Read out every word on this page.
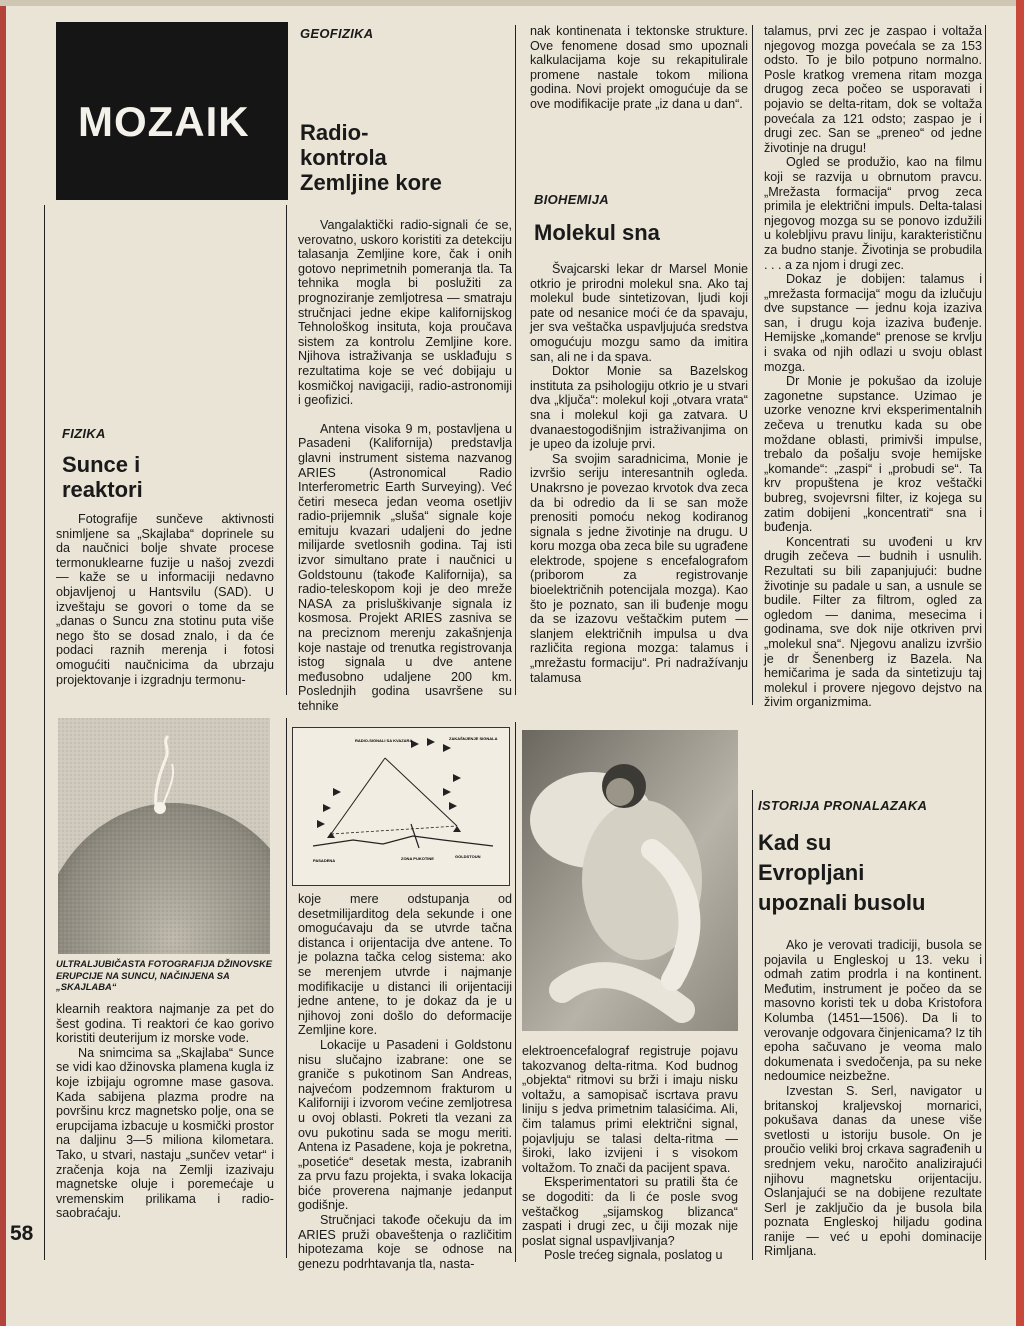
MOZAIK
FIZIKA
Sunce i
reaktori

Fotografije sunčeve aktivnosti snimljene sa „Skajlaba“ doprinele su da naučnici bolje shvate procese termonuklearne fuzije u našoj zvezdi — kaže se u informaciji nedavno objavljenoj u Hantsvilu (SAD). U izveštaju se govori o tome da se „danas o Suncu zna stotinu puta više nego što se dosad znalo, i da će podaci raznih merenja i fotosi omogućiti naučnicima da ubrzaju projektovanje i izgradnju termonu-

ULTRALJUBIČASTA FOTOGRAFIJA DŽINOVSKE ERUPCIJE NA SUNCU, NAČINJENA SA „SKAJLABA“

klearnih reaktora najmanje za pet do šest godina. Ti reaktori će kao gorivo koristiti deuterijum iz morske vode.

Na snimcima sa „Skajlaba“ Sunce se vidi kao džinovska plamena kugla iz koje izbijaju ogromne mase gasova. Kada sabijena plazma prodre na površinu krcz magnetsko polje, ona se erupcijama izbacuje u kosmički prostor na daljinu 3—5 miliona kilometara. Tako, u stvari, nastaju „sunčev vetar“ i zračenja koja na Zemlji izazivaju magnetske oluje i poremećaje u vremenskim prilikama i radio-saobraćaju.

GEOFIZIKA
Radio-
kontrola
Zemljine kore

Vangalaktički radio-signali će se, verovatno, uskoro koristiti za detekciju talasanja Zemljine kore, čak i onih gotovo neprimetnih pomeranja tla. Ta tehnika mogla bi poslužiti za prognoziranje zemljotresa — smatraju stručnjaci jedne ekipe kalifornijskog Tehnološkog insituta, koja proučava sistem za kontrolu Zemljine kore. Njihova istraživanja se usklađuju s rezultatima koje se već dobijaju u kosmičkoj navigaciji, radio-astronomiji i geofizici.

Antena visoka 9 m, postavljena u Pasadeni (Kalifornija) predstavlja glavni instrument sistema nazvanog ARIES (Astronomical Radio Interferometric Earth Surveying). Već četiri meseca jedan veoma osetljiv radio-prijemnik „sluša“ signale koje emituju kvazari udaljeni do jedne milijarde svetlosnih godina. Taj isti izvor simultano prate i naučnici u Goldstounu (takođe Kalifornija), sa radio-teleskopom koji je deo mreže NASA za prisluškivanje signala iz kosmosa. Projekt ARIES zasniva se na preciznom merenju zakašnjenja koje nastaje od trenutka registrovanja istog signala u dve antene međusobno udaljene 200 km. Poslednjih godina usavršene su tehnike

RADIO-SIGNALI SA KVAZARA	ZAKAŠNJENJE SIGNALA
PASADENA	ZONA PUKOTINE	GOLDSTOUN

koje mere odstupanja od desetmilijarditog dela sekunde i one omogućavaju da se utvrde tačna distanca i orijentacija dve antene. To je polazna tačka celog sistema: ako se merenjem utvrde i najmanje modifikacije u distanci ili orijentaciji jedne antene, to je dokaz da je u njihovoj zoni došlo do deformacije Zemljine kore.

Lokacije u Pasadeni i Goldstonu nisu slučajno izabrane: one se graniče s pukotinom San Andreas, najvećom podzemnom frakturom u Kaliforniji i izvorom većine zemljotresa u ovoj oblasti. Pokreti tla vezani za ovu pukotinu sada se mogu meriti. Antena iz Pasadene, koja je pokretna, „posetiće“ desetak mesta, izabranih za prvu fazu projekta, i svaka lokacija biće proverena najmanje jedanput godišnje.

Stručnjaci takođe očekuju da im ARIES pruži obaveštenja o različitim hipotezama koje se odnose na genezu podrhtavanja tla, nasta-

nak kontinenata i tektonske strukture. Ove fenomene dosad smo upoznali kalkulacijama koje su rekapitulirale promene nastale tokom miliona godina. Novi projekt omogućuje da se ove modifikacije prate „iz dana u dan“.

BIOHEMIJA
Molekul sna

Švajcarski lekar dr Marsel Monie otkrio je prirodni molekul sna. Ako taj molekul bude sintetizovan, ljudi koji pate od nesanice moći će da spavaju, jer sva veštačka uspavljujuća sredstva omogućuju mozgu samo da imitira san, ali ne i da spava.

Doktor Monie sa Bazelskog instituta za psihologiju otkrio je u stvari dva „ključa“: molekul koji „otvara vrata“ sna i molekul koji ga zatvara. U dvanaestogodišnjim istraživanjima on je upeo da izoluje prvi.

Sa svojim saradnicima, Monie je izvršio seriju interesantnih ogleda. Unakrsno je povezao krvotok dva zeca da bi odredio da li se san može prenositi pomoću nekog kodiranog signala s jedne životinje na drugu. U koru mozga oba zeca bile su ugrađene elektrode, spojene s encefalografom (priborom za registrovanje bioelektričnih potencijala mozga). Kao što je poznato, san ili buđenje mogu da se izazovu veštačkim putem — slanjem električnih impulsa u dva različita regiona mozga: talamus i „mrežastu formaciju“. Pri nadražívanju talamusa

elektroencefalograf registruje pojavu takozvanog delta-ritma. Kod budnog „objekta“ ritmovi su brži i imaju nisku voltažu, a samopisač iscrtava pravu liniju s jedva primetnim talasićima. Ali, čim talamus primi električni signal, pojavljuju se talasi delta-ritma — široki, lako izvijeni i s visokom voltažom. To znači da pacijent spava.

Eksperimentatori su pratili šta će se dogoditi: da li će posle svog veštačkog „sijamskog blizanca“ zaspati i drugi zec, u čiji mozak nije poslat signal uspavljivanja?

Posle trećeg signala, poslatog u

talamus, prvi zec je zaspao i voltaža njegovog mozga povećala se za 153 odsto. To je bilo potpuno normalno. Posle kratkog vremena ritam mozga drugog zeca počeo se usporavati i pojavio se delta-ritam, dok se voltaža povećala za 121 odsto; zaspao je i drugi zec. San se „preneo“ od jedne životinje na drugu!

Ogled se produžio, kao na filmu koji se razvija u obrnutom pravcu. „Mrežasta formacija“ prvog zeca primila je električni impuls. Delta-talasi njegovog mozga su se ponovo izdužili u kolebljivu pravu liniju, karakterističnu za budno stanje. Životinja se probudila . . . a za njom i drugi zec.

Dokaz je dobijen: talamus i „mrežasta formacija“ mogu da izlučuju dve supstance — jednu koja izaziva san, i drugu koja izaziva buđenje. Hemijske „komande“ prenose se krvlju i svaka od njih odlazi u svoju oblast mozga.

Dr Monie je pokušao da izoluje zagonetne supstance. Uzimao je uzorke venozne krvi eksperimentalnih zečeva u trenutku kada su obe moždane oblasti, primivši impulse, trebalo da pošalju svoje hemijske „komande“: „zaspi“ i „probudi se“. Ta krv propuštena je kroz veštački bubreg, svojevrsni filter, iz kojega su zatim dobijeni „koncentrati“ sna i buđenja.

Koncentrati su uvođeni u krv drugih zečeva — budnih i usnulih. Rezultati su bili zapanjujući: budne životinje su padale u san, a usnule se budile. Filter za filtrom, ogled za ogledom — danima, mesecima i godinama, sve dok nije otkriven prvi „molekul sna“. Njegovu analizu izvršio je dr Šenenberg iz Bazela. Na hemičarima je sada da sintetizuju taj molekul i provere njegovo dejstvo na živim organizmima.

ISTORIJA PRONALAZAKA
Kad su
Evropljani
upoznali busolu

Ako je verovati tradiciji, busola se pojavila u Engleskoj u 13. veku i odmah zatim prodrla i na kontinent. Međutim, instrument je počeo da se masovno koristi tek u doba Kristofora Kolumba (1451—1506). Da li to verovanje odgovara činjenicama? Iz tih epoha sačuvano je veoma malo dokumenata i svedočenja, pa su neke nedoumice neizbežne.

Izvestan S. Serl, navigator u britanskoj kraljevskoj mornarici, pokušava danas da unese više svetlosti u istoriju busole. On je proučio veliki broj crkava sagrađenih u srednjem veku, naročito analizirajući njihovu magnetsku orijentaciju. Oslanjajući se na dobijene rezultate Serl je zaključio da je busola bila poznata Engleskoj hiljadu godina ranije — već u epohi dominacije Rimljana.

58
